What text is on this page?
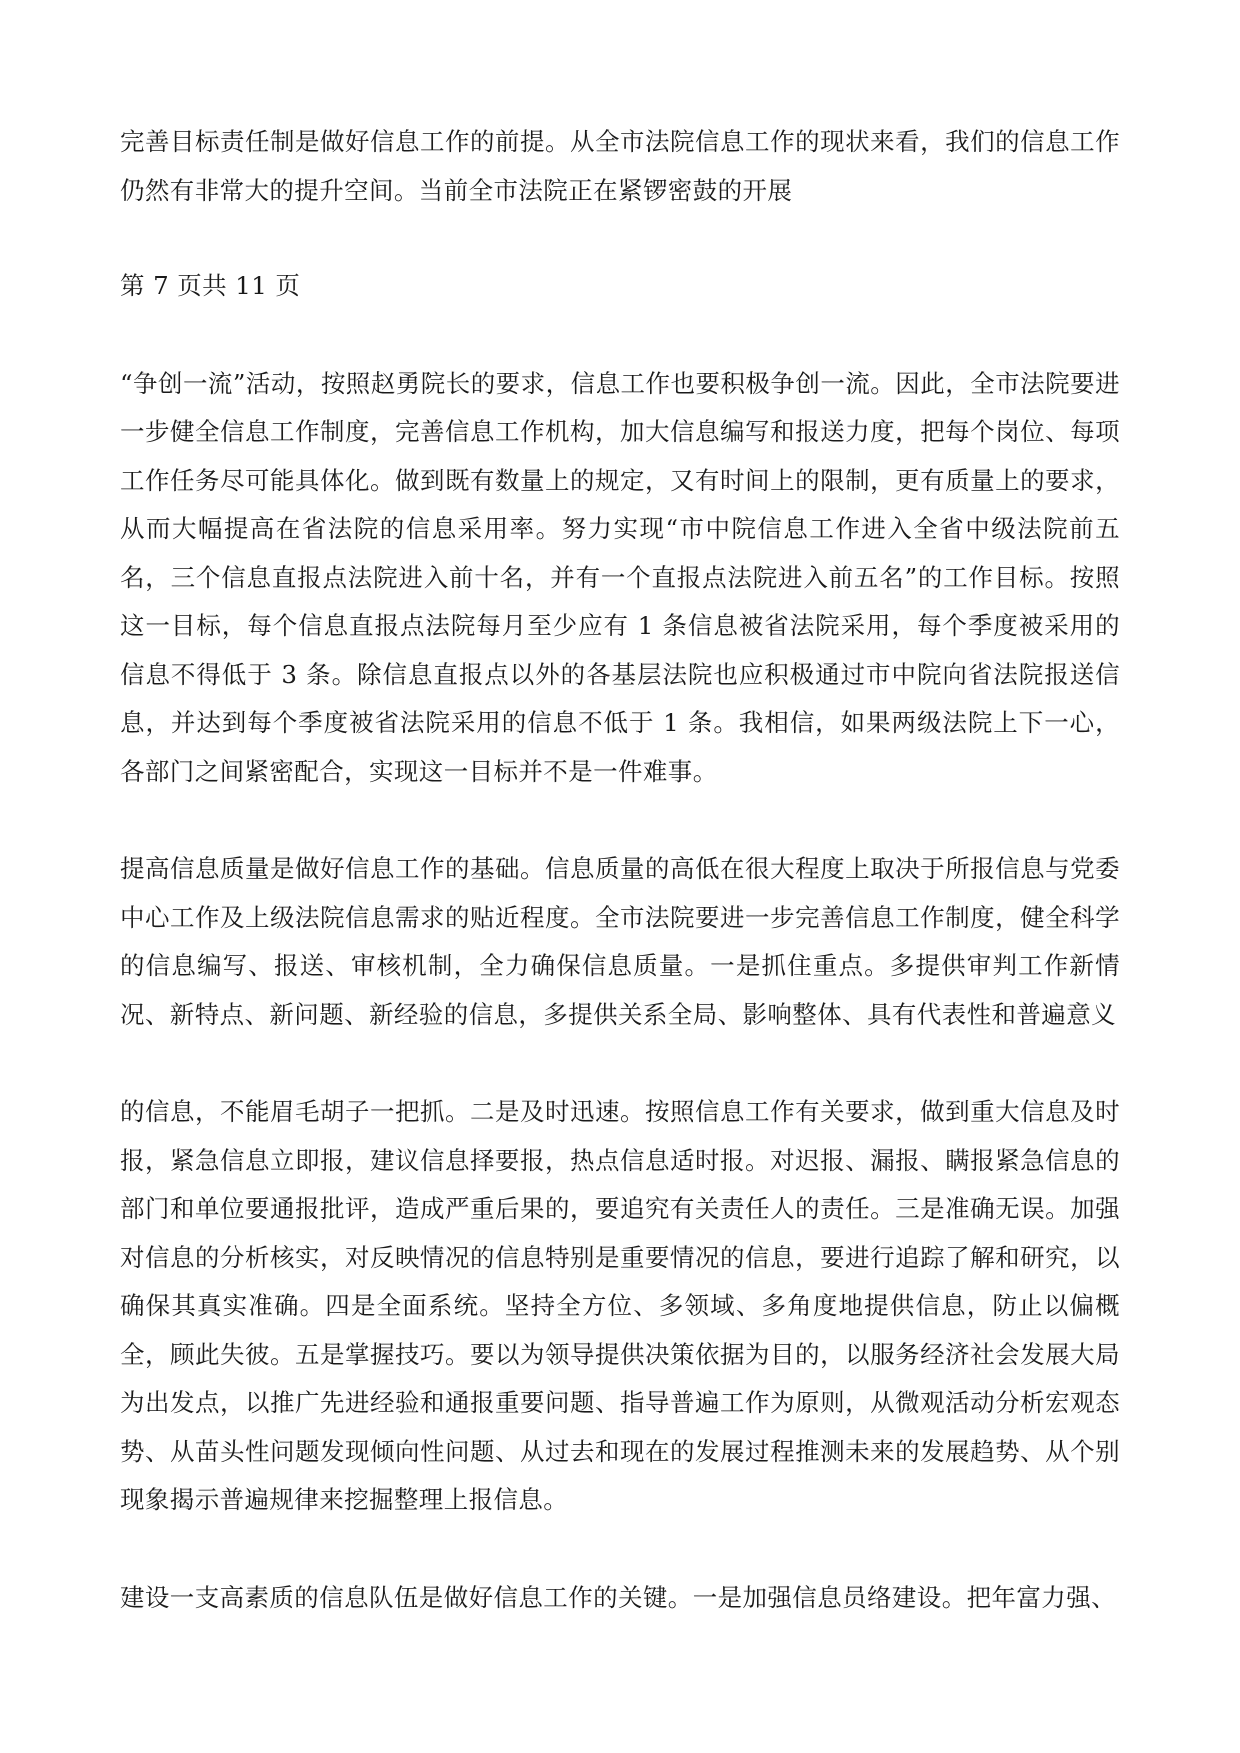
完善目标责任制是做好信息工作的前提。从全市法院信息工作的现状来看，我们的信息工作仍然有非常大的提升空间。当前全市法院正在紧锣密鼓的开展

第 7 页共 11 页

“争创一流”活动，按照赵勇院长的要求，信息工作也要积极争创一流。因此，全市法院要进一步健全信息工作制度，完善信息工作机构，加大信息编写和报送力度，把每个岗位、每项工作任务尽可能具体化。做到既有数量上的规定，又有时间上的限制，更有质量上的要求，从而大幅提高在省法院的信息采用率。努力实现“市中院信息工作进入全省中级法院前五名，三个信息直报点法院进入前十名，并有一个直报点法院进入前五名”的工作目标。按照这一目标，每个信息直报点法院每月至少应有 1 条信息被省法院采用，每个季度被采用的信息不得低于 3 条。除信息直报点以外的各基层法院也应积极通过市中院向省法院报送信息，并达到每个季度被省法院采用的信息不低于 1 条。我相信，如果两级法院上下一心，各部门之间紧密配合，实现这一目标并不是一件难事。

提高信息质量是做好信息工作的基础。信息质量的高低在很大程度上取决于所报信息与党委中心工作及上级法院信息需求的贴近程度。全市法院要进一步完善信息工作制度，健全科学的信息编写、报送、审核机制，全力确保信息质量。一是抓住重点。多提供审判工作新情况、新特点、新问题、新经验的信息，多提供关系全局、影响整体、具有代表性和普遍意义

的信息，不能眉毛胡子一把抓。二是及时迅速。按照信息工作有关要求，做到重大信息及时报，紧急信息立即报，建议信息择要报，热点信息适时报。对迟报、漏报、瞒报紧急信息的部门和单位要通报批评，造成严重后果的，要追究有关责任人的责任。三是准确无误。加强对信息的分析核实，对反映情况的信息特别是重要情况的信息，要进行追踪了解和研究，以确保其真实准确。四是全面系统。坚持全方位、多领域、多角度地提供信息，防止以偏概全，顾此失彼。五是掌握技巧。要以为领导提供决策依据为目的，以服务经济社会发展大局为出发点，以推广先进经验和通报重要问题、指导普遍工作为原则，从微观活动分析宏观态势、从苗头性问题发现倾向性问题、从过去和现在的发展过程推测未来的发展趋势、从个别现象揭示普遍规律来挖掘整理上报信息。

建设一支高素质的信息队伍是做好信息工作的关键。一是加强信息员络建设。把年富力强、
